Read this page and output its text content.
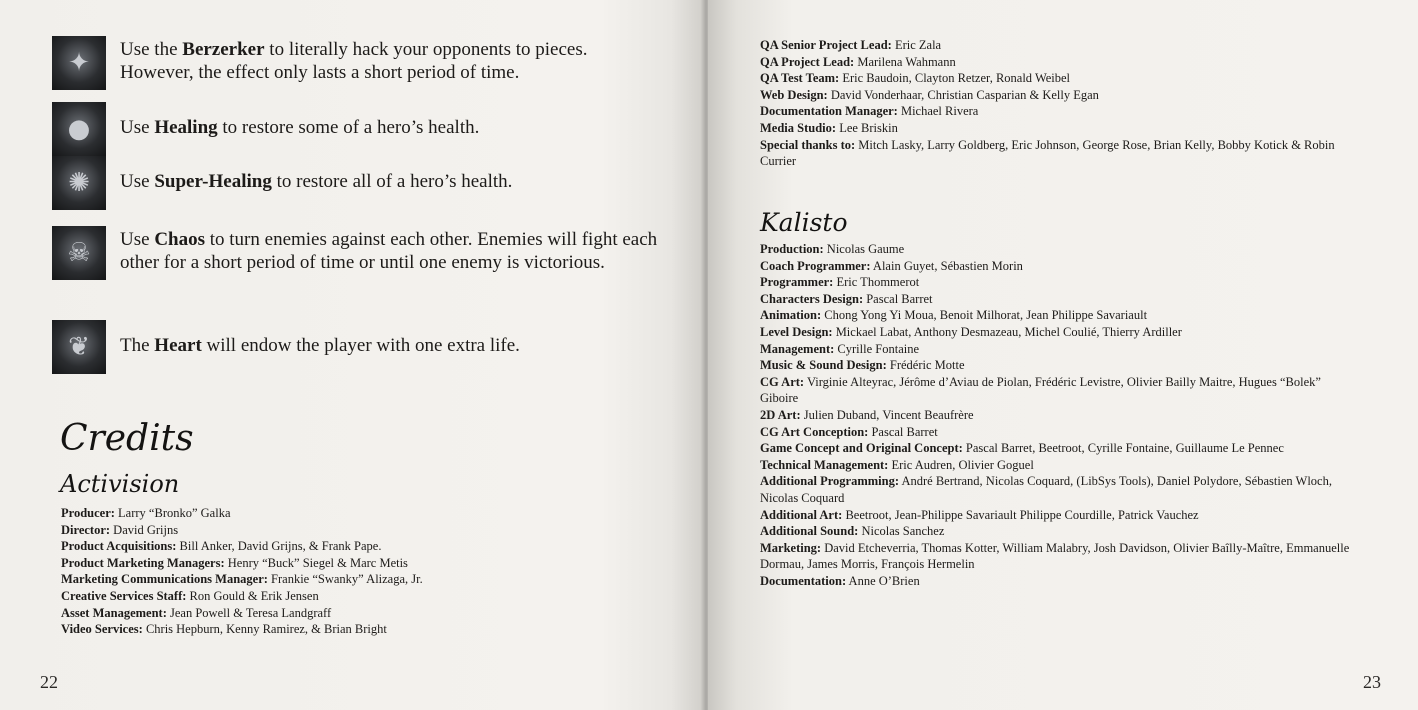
✦	Use the Berzerker to literally hack your opponents to pieces. However, the effect only lasts a short period of time.
●	Use Healing to restore some of a hero’s health.
✺	Use Super-Healing to restore all of a hero’s health.
☠	Use Chaos to turn enemies against each other. Enemies will fight each other for a short period of time or until one enemy is victorious.
❦	The Heart will endow the player with one extra life.
Credits
Activision
Producer: Larry “Bronko” Galka
Director: David Grijns
Product Acquisitions: Bill Anker, David Grijns, & Frank Pape.
Product Marketing Managers: Henry “Buck” Siegel & Marc Metis
Marketing Communications Manager: Frankie “Swanky” Alizaga, Jr.
Creative Services Staff: Ron Gould & Erik Jensen
Asset Management: Jean Powell & Teresa Landgraff
Video Services: Chris Hepburn, Kenny Ramirez, & Brian Bright
22
QA Senior Project Lead: Eric Zala
QA Project Lead: Marilena Wahmann
QA Test Team: Eric Baudoin, Clayton Retzer, Ronald Weibel
Web Design: David Vonderhaar, Christian Casparian & Kelly Egan
Documentation Manager: Michael Rivera
Media Studio: Lee Briskin
Special thanks to: Mitch Lasky, Larry Goldberg, Eric Johnson, George Rose, Brian Kelly, Bobby Kotick & Robin Currier
Kalisto
Production: Nicolas Gaume
Coach Programmer: Alain Guyet, Sébastien Morin
Programmer: Eric Thommerot
Characters Design: Pascal Barret
Animation: Chong Yong Yi Moua, Benoit Milhorat, Jean Philippe Savariault
Level Design: Mickael Labat, Anthony Desmazeau, Michel Coulié, Thierry Ardiller
Management: Cyrille Fontaine
Music & Sound Design: Frédéric Motte
CG Art: Virginie Alteyrac, Jérôme d’Aviau de Piolan, Frédéric Levistre, Olivier Bailly Maitre, Hugues “Bolek” Giboire
2D Art: Julien Duband, Vincent Beaufrère
CG Art Conception: Pascal Barret
Game Concept and Original Concept: Pascal Barret, Beetroot, Cyrille Fontaine, Guillaume Le Pennec
Technical Management: Eric Audren, Olivier Goguel
Additional Programming: André Bertrand, Nicolas Coquard, (LibSys Tools), Daniel Polydore, Sébastien Wloch, Nicolas Coquard
Additional Art: Beetroot, Jean-Philippe Savariault Philippe Courdille, Patrick Vauchez
Additional Sound: Nicolas Sanchez
Marketing: David Etcheverria, Thomas Kotter, William Malabry, Josh Davidson, Olivier Baîlly-Maître, Emmanuelle Dormau, James Morris, François Hermelin
Documentation: Anne O’Brien
23
